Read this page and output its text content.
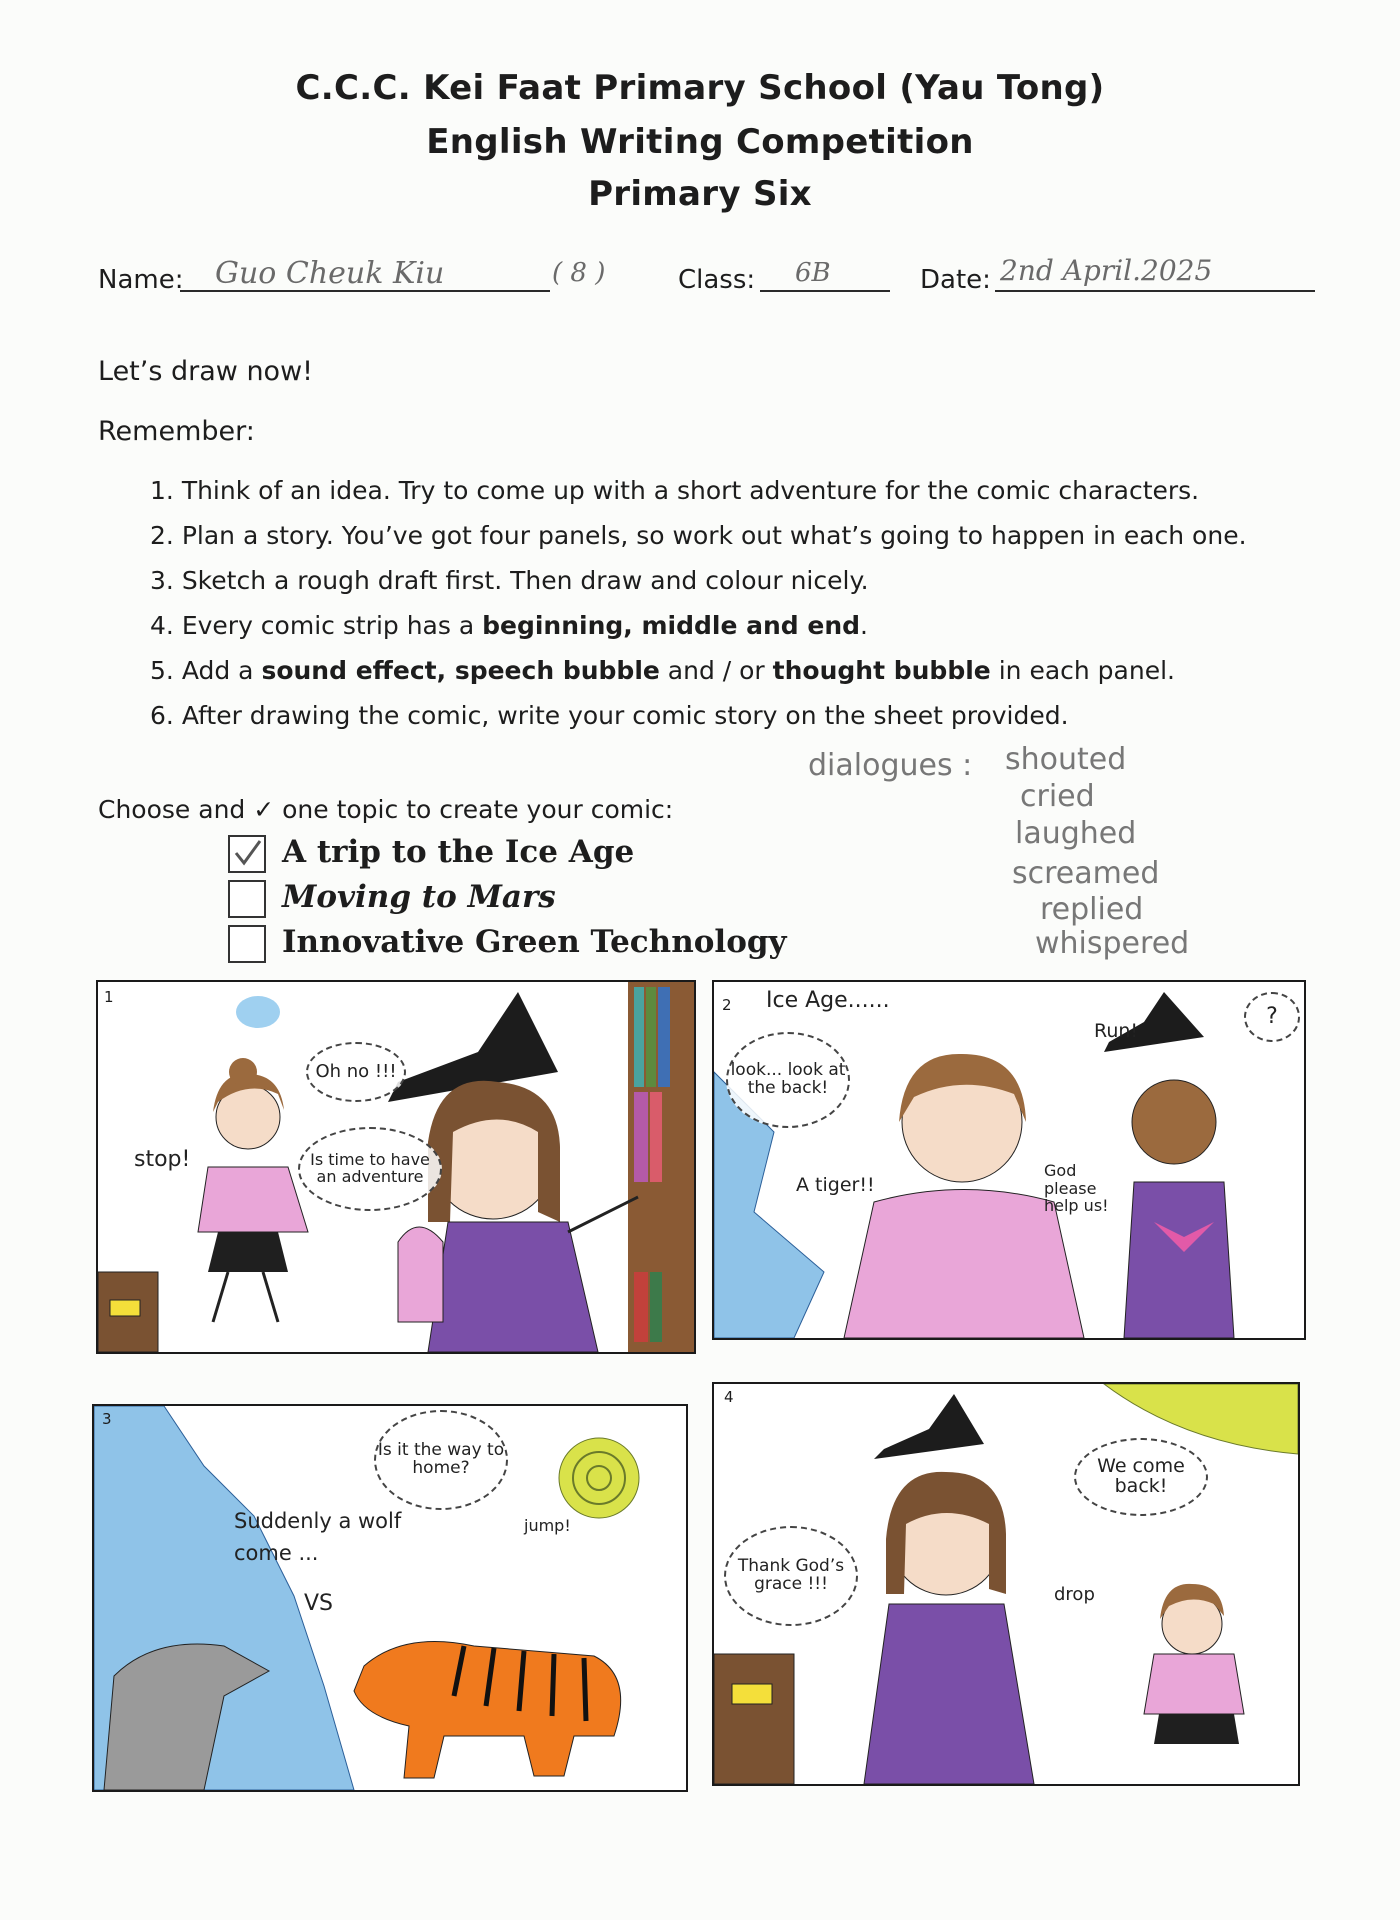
C.C.C. Kei Faat Primary School (Yau Tong)
English Writing Competition
Primary Six
Name: Guo Cheuk Kiu	( 8 )	Class: 6B	Date: 2nd April.2025
Let’s draw now!
Remember:
1. Think of an idea. Try to come up with a short adventure for the comic characters.
2. Plan a story. You’ve got four panels, so work out what’s going to happen in each one.
3. Sketch a rough draft first. Then draw and colour nicely.
4. Every comic strip has a beginning, middle and end.
5. Add a sound effect, speech bubble and / or thought bubble in each panel.
6. After drawing the comic, write your comic story on the sheet provided.
Choose and ✓ one topic to create your comic:
A trip to the Ice Age
Moving to Mars
Innovative Green Technology
dialogues : shouted
cried
laughed
screamed
replied
whispered
1
stop!
Oh no !!!
Is time to have an adventure
2 Ice Age......
look... look at the back!
A tiger!!
Run!
?
God please help us!
3
Is it the way to home?
jump!
Suddenly a wolf come ...
VS
4
Thank God’s grace !!!
We come back!
drop
